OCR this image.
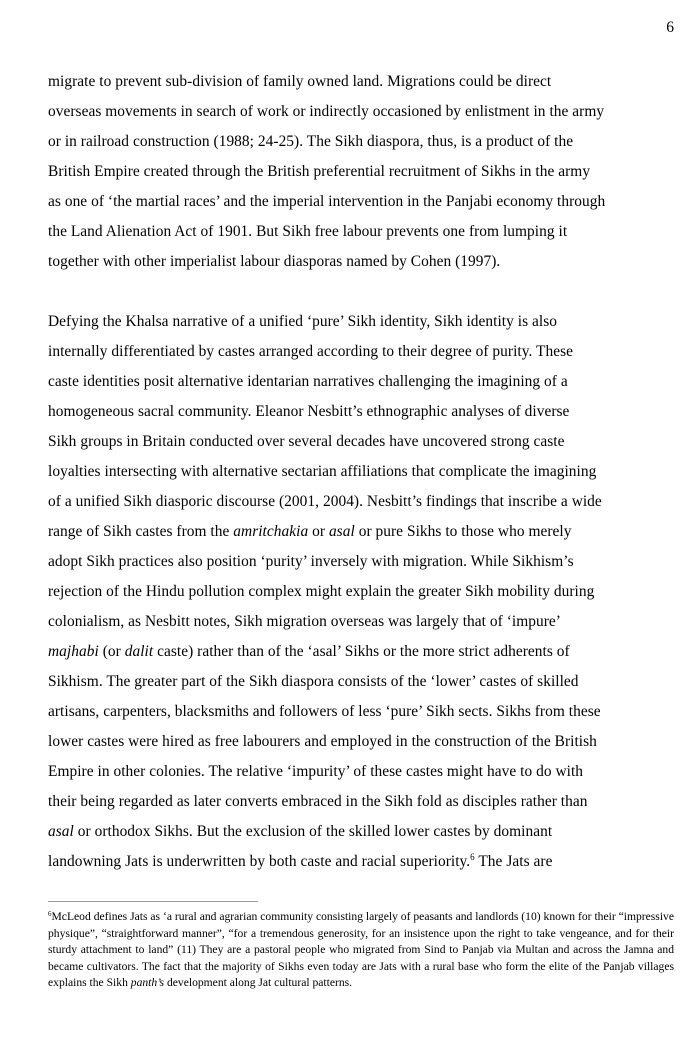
6
migrate to prevent sub-division of family owned land. Migrations could be direct
overseas movements in search of work or indirectly occasioned by enlistment in the army
or in railroad construction (1988; 24-25). The Sikh diaspora, thus, is a product of the
British Empire created through the British preferential recruitment of Sikhs in the army
as one of ‘the martial races’ and the imperial intervention in the Panjabi economy through
the Land Alienation Act of 1901. But Sikh free labour prevents one from lumping it
together with other imperialist labour diasporas named by Cohen (1997).
Defying the Khalsa narrative of a unified ‘pure’ Sikh identity, Sikh identity is also
internally differentiated by castes arranged according to their degree of purity. These
caste identities posit alternative identarian narratives challenging the imagining of a
homogeneous sacral community. Eleanor Nesbitt’s ethnographic analyses of diverse
Sikh groups in Britain conducted over several decades have uncovered strong caste
loyalties intersecting with alternative sectarian affiliations that complicate the imagining
of a unified Sikh diasporic discourse (2001, 2004). Nesbitt’s findings that inscribe a wide
range of Sikh castes from the amritchakia or asal or pure Sikhs to those who merely
adopt Sikh practices also position ‘purity’ inversely with migration. While Sikhism’s
rejection of the Hindu pollution complex might explain the greater Sikh mobility during
colonialism, as Nesbitt notes, Sikh migration overseas was largely that of ‘impure’
majhabi (or dalit caste) rather than of the ‘asal’ Sikhs or the more strict adherents of
Sikhism. The greater part of the Sikh diaspora consists of the ‘lower’ castes of skilled
artisans, carpenters, blacksmiths and followers of less ‘pure’ Sikh sects. Sikhs from these
lower castes were hired as free labourers and employed in the construction of the British
Empire in other colonies. The relative ‘impurity’ of these castes might have to do with
their being regarded as later converts embraced in the Sikh fold as disciples rather than
asal or orthodox Sikhs. But the exclusion of the skilled lower castes by dominant
landowning Jats is underwritten by both caste and racial superiority.$^6$ The Jats are
$^6$McLeod defines Jats as ‘a rural and agrarian community consisting largely of peasants and landlords (10) known for their “impressive physique”, “straightforward manner”, “for a tremendous generosity, for an insistence upon the right to take vengeance, and for their sturdy attachment to land” (11) They are a pastoral people who migrated from Sind to Panjab via Multan and across the Jamna and became cultivators. The fact that the majority of Sikhs even today are Jats with a rural base who form the elite of the Panjab villages explains the Sikh panth’s development along Jat cultural patterns.
